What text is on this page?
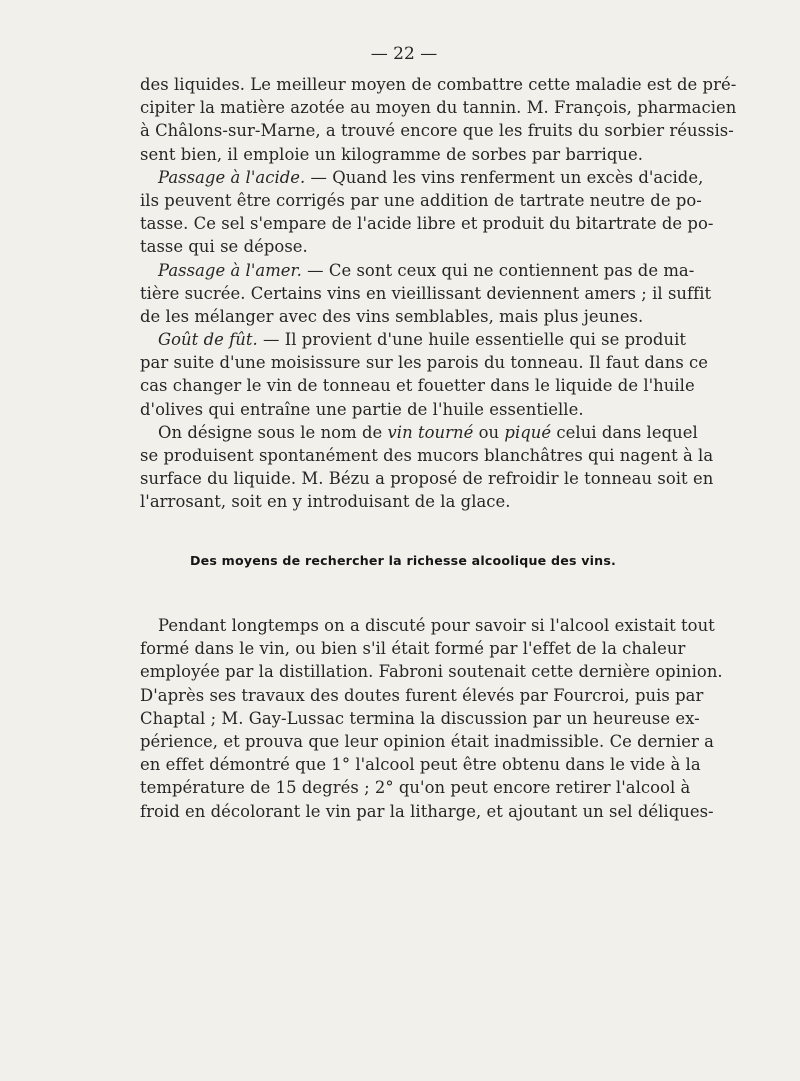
— 22 —
des liquides. Le meilleur moyen de combattre cette maladie est de pré-
cipiter la matière azotée au moyen du tannin. M. François, pharmacien
à Châlons-sur-Marne, a trouvé encore que les fruits du sorbier réussis-
sent bien, il emploie un kilogramme de sorbes par barrique.
Passage à l'acide. — Quand les vins renferment un excès d'acide,
ils peuvent être corrigés par une addition de tartrate neutre de po-
tasse. Ce sel s'empare de l'acide libre et produit du bitartrate de po-
tasse qui se dépose.
Passage à l'amer. — Ce sont ceux qui ne contiennent pas de ma-
tière sucrée. Certains vins en vieillissant deviennent amers ; il suffit
de les mélanger avec des vins semblables, mais plus jeunes.
Goût de fût. — Il provient d'une huile essentielle qui se produit
par suite d'une moisissure sur les parois du tonneau. Il faut dans ce
cas changer le vin de tonneau et fouetter dans le liquide de l'huile
d'olives qui entraîne une partie de l'huile essentielle.
On désigne sous le nom de vin tourné ou piqué celui dans lequel
se produisent spontanément des mucors blanchâtres qui nagent à la
surface du liquide. M. Bézu a proposé de refroidir le tonneau soit en
l'arrosant, soit en y introduisant de la glace.
Des moyens de rechercher la richesse alcoolique des vins.
Pendant longtemps on a discuté pour savoir si l'alcool existait tout
formé dans le vin, ou bien s'il était formé par l'effet de la chaleur
employée par la distillation. Fabroni soutenait cette dernière opinion.
D'après ses travaux des doutes furent élevés par Fourcroi, puis par
Chaptal ; M. Gay-Lussac termina la discussion par un heureuse ex-
périence, et prouva que leur opinion était inadmissible. Ce dernier a
en effet démontré que 1° l'alcool peut être obtenu dans le vide à la
température de 15 degrés ; 2° qu'on peut encore retirer l'alcool à
froid en décolorant le vin par la litharge, et ajoutant un sel déliques-
